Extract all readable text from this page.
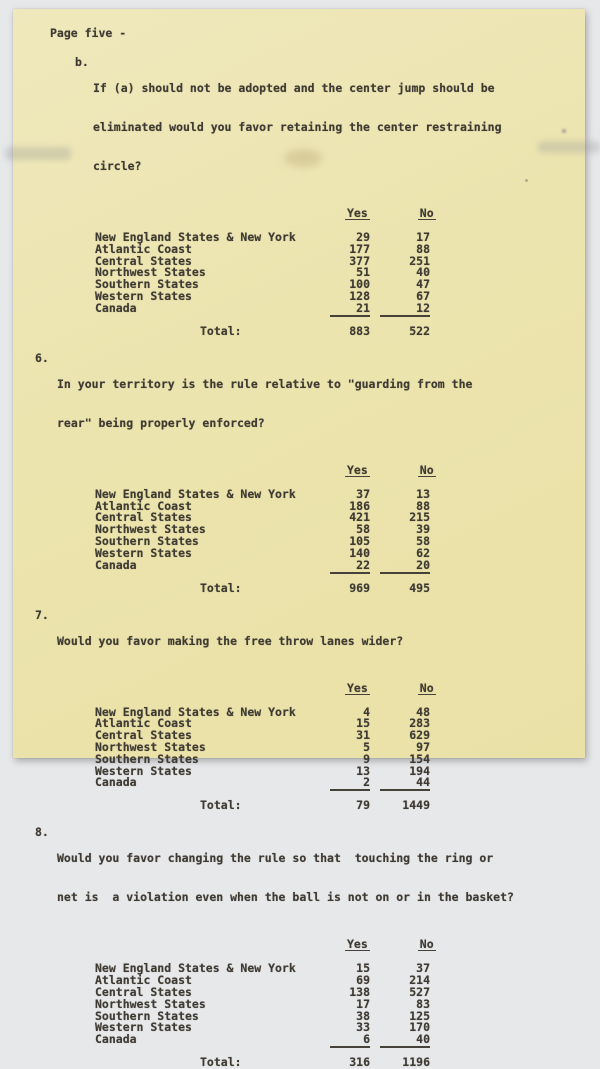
Page five -
b.

If (a) should not be adopted and the center jump should be

eliminated would you favor retaining the center restraining

circle?

Yes	No
New England States & New York	29	17
Atlantic Coast	177	88
Central States	377	251
Northwest States	51	40
Southern States	100	47
Western States	128	67
Canada	21	12
Total:	883	522
6.

In your territory is the rule relative to "guarding from the

rear" being properly enforced?

Yes	No
New England States & New York	37	13
Atlantic Coast	186	88
Central States	421	215
Northwest States	58	39
Southern States	105	58
Western States	140	62
Canada	22	20
Total:	969	495
7.

Would you favor making the free throw lanes wider?

Yes	No
New England States & New York	4	48
Atlantic Coast	15	283
Central States	31	629
Northwest States	5	97
Southern States	9	154
Western States	13	194
Canada	2	44
Total:	79	1449
8.

Would you favor changing the rule so that  touching the ring or

net is  a violation even when the ball is not on or in the basket?

Yes	No
New England States & New York	15	37
Atlantic Coast	69	214
Central States	138	527
Northwest States	17	83
Southern States	38	125
Western States	33	170
Canada	6	40
Total:	316	1196
